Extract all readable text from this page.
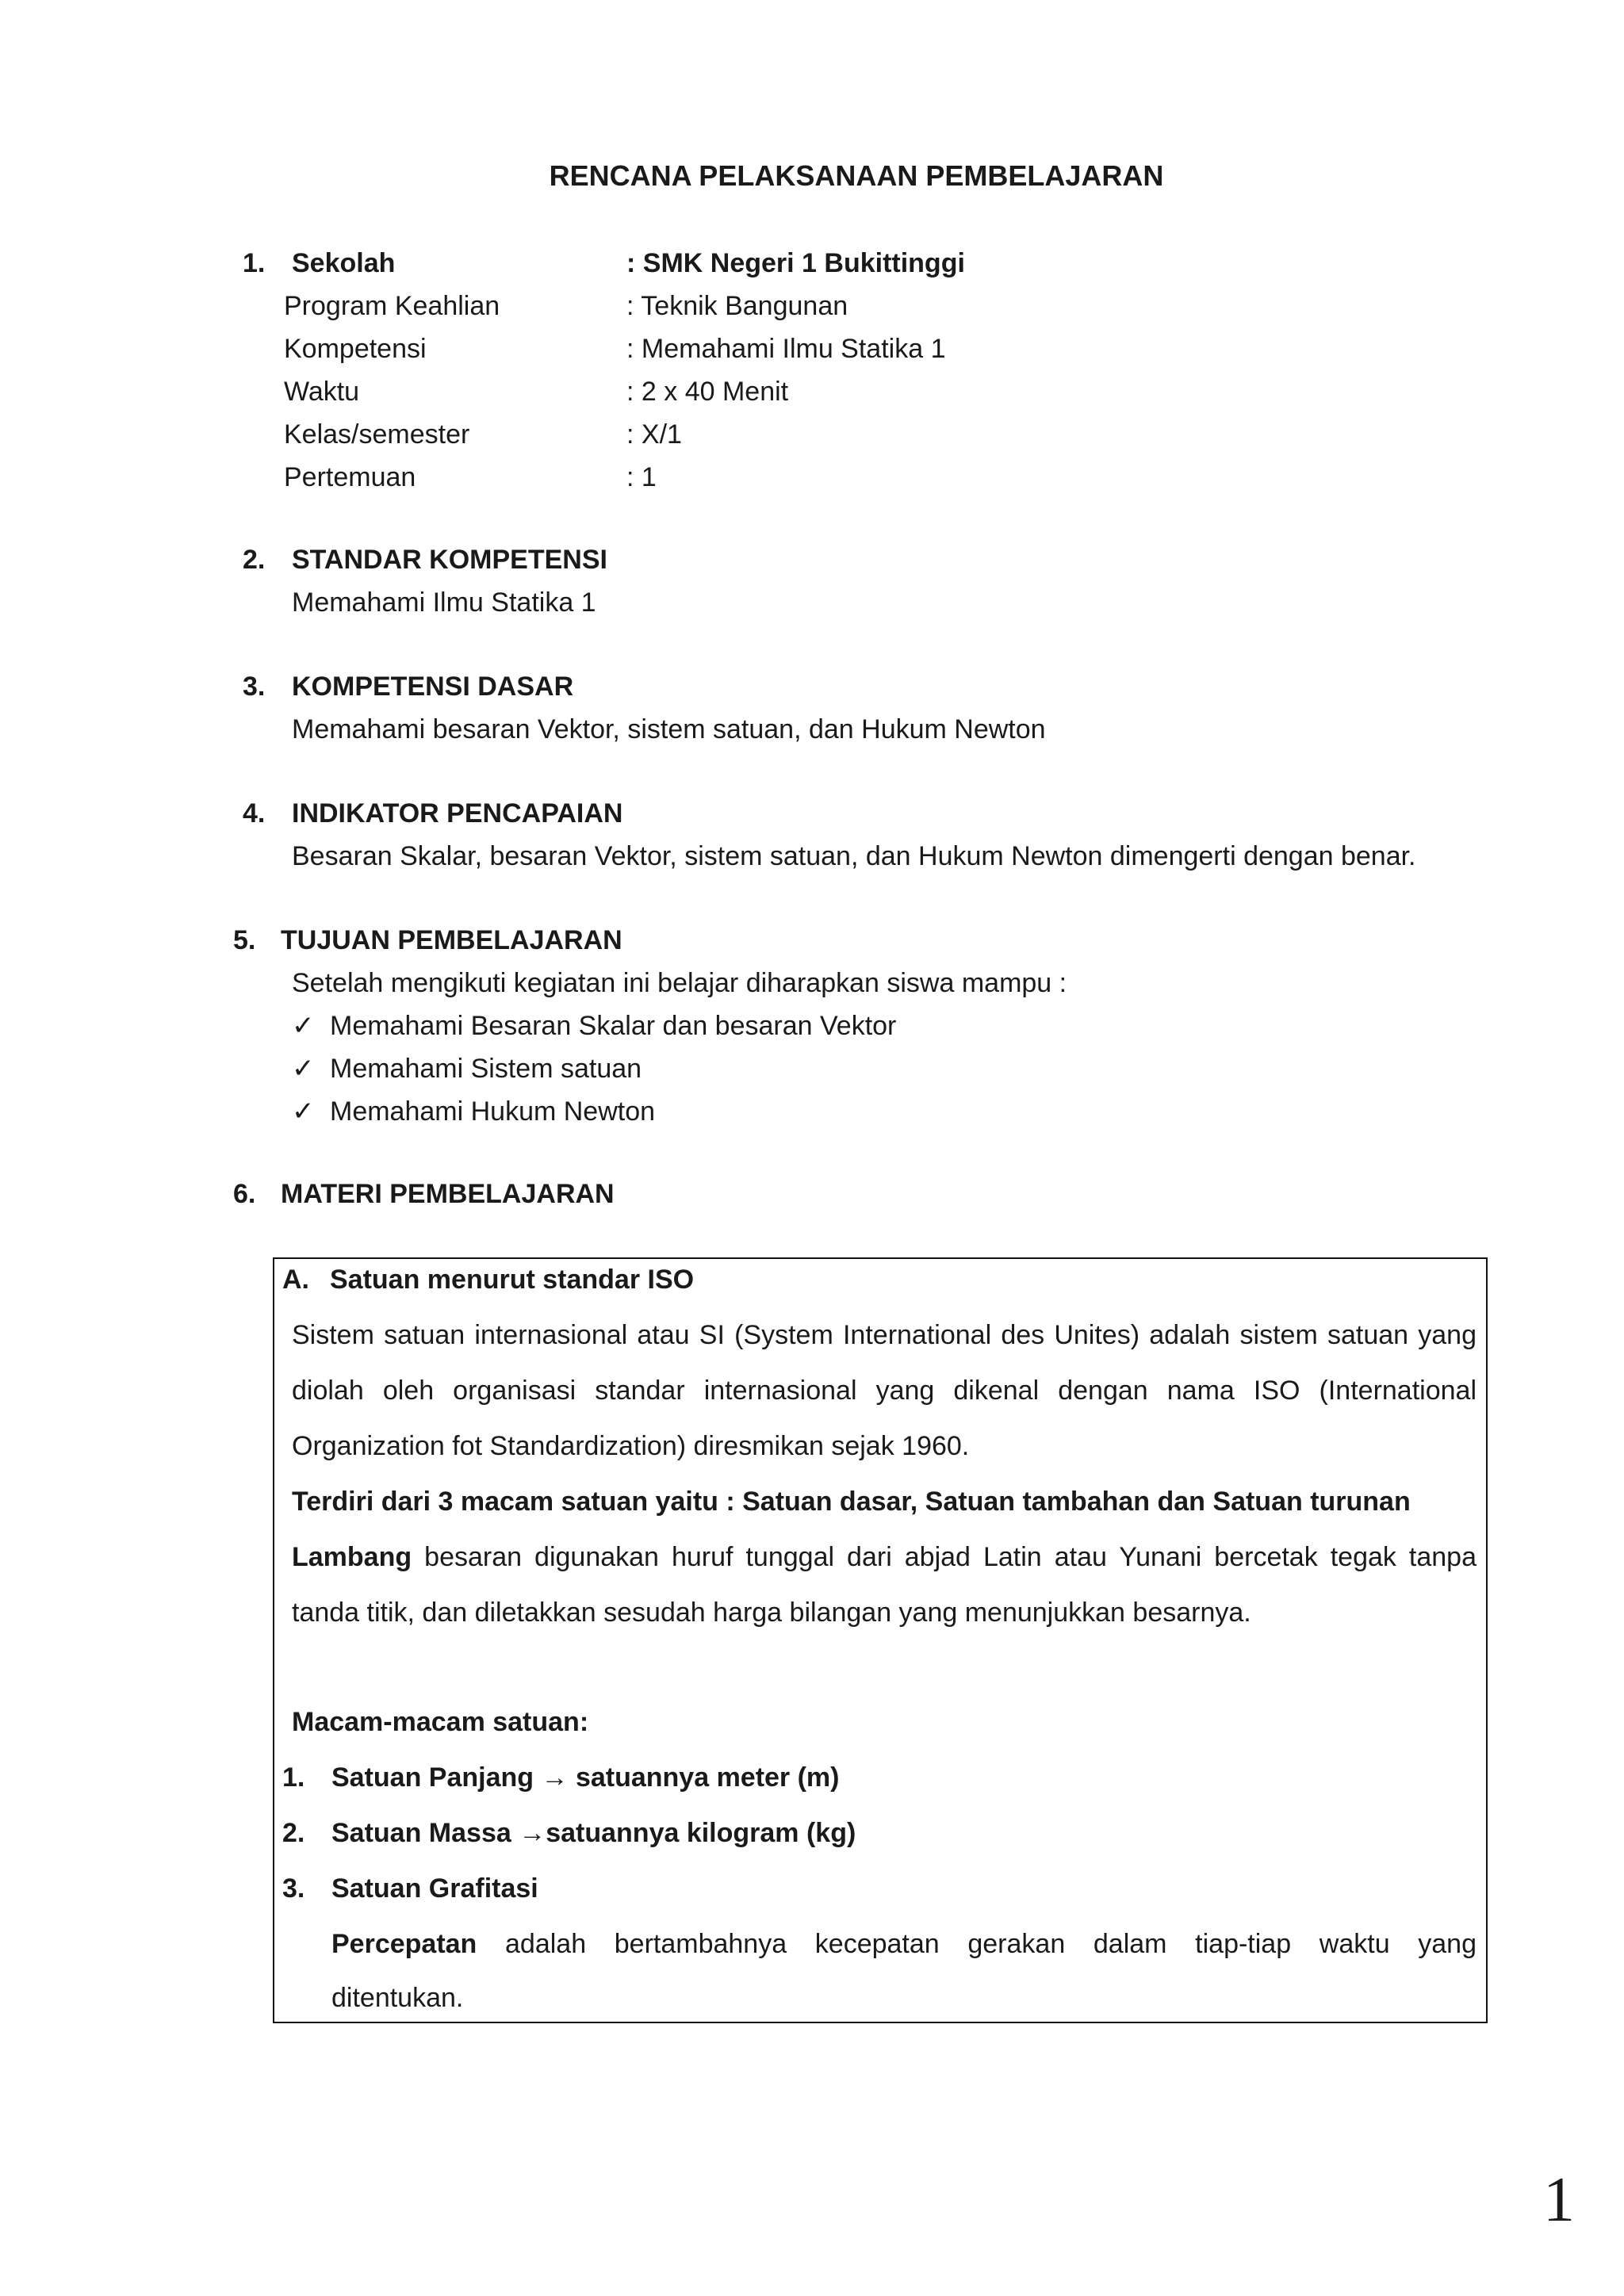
RENCANA PELAKSANAAN PEMBELAJARAN
1. Sekolah	: SMK Negeri 1 Bukittinggi
Program Keahlian	: Teknik Bangunan
Kompetensi	: Memahami Ilmu Statika 1
Waktu	: 2 x 40 Menit
Kelas/semester	: X/1
Pertemuan	: 1
2. STANDAR KOMPETENSI
Memahami Ilmu Statika 1
3. KOMPETENSI DASAR
Memahami besaran Vektor, sistem satuan, dan Hukum Newton
4. INDIKATOR PENCAPAIAN
Besaran Skalar, besaran Vektor, sistem satuan, dan Hukum Newton dimengerti dengan benar.
5. TUJUAN PEMBELAJARAN
Setelah mengikuti kegiatan ini belajar diharapkan siswa mampu :
✓ Memahami Besaran Skalar dan besaran Vektor
✓ Memahami Sistem satuan
✓ Memahami Hukum Newton
6. MATERI PEMBELAJARAN
A. Satuan menurut standar ISO
Sistem satuan internasional atau SI (System International des Unites) adalah sistem satuan yang
diolah oleh organisasi standar internasional yang dikenal dengan nama ISO (International
Organization fot Standardization) diresmikan sejak 1960.
Terdiri dari 3 macam satuan yaitu : Satuan dasar, Satuan tambahan dan Satuan turunan
Lambang besaran digunakan huruf tunggal dari abjad Latin atau Yunani bercetak tegak tanpa
tanda titik, dan diletakkan sesudah harga bilangan yang menunjukkan besarnya.
Macam-macam satuan:
1. Satuan Panjang → satuannya meter (m)
2. Satuan Massa →satuannya kilogram (kg)
3. Satuan Grafitasi
Percepatan adalah bertambahnya kecepatan gerakan dalam tiap-tiap waktu yang
ditentukan.
1
